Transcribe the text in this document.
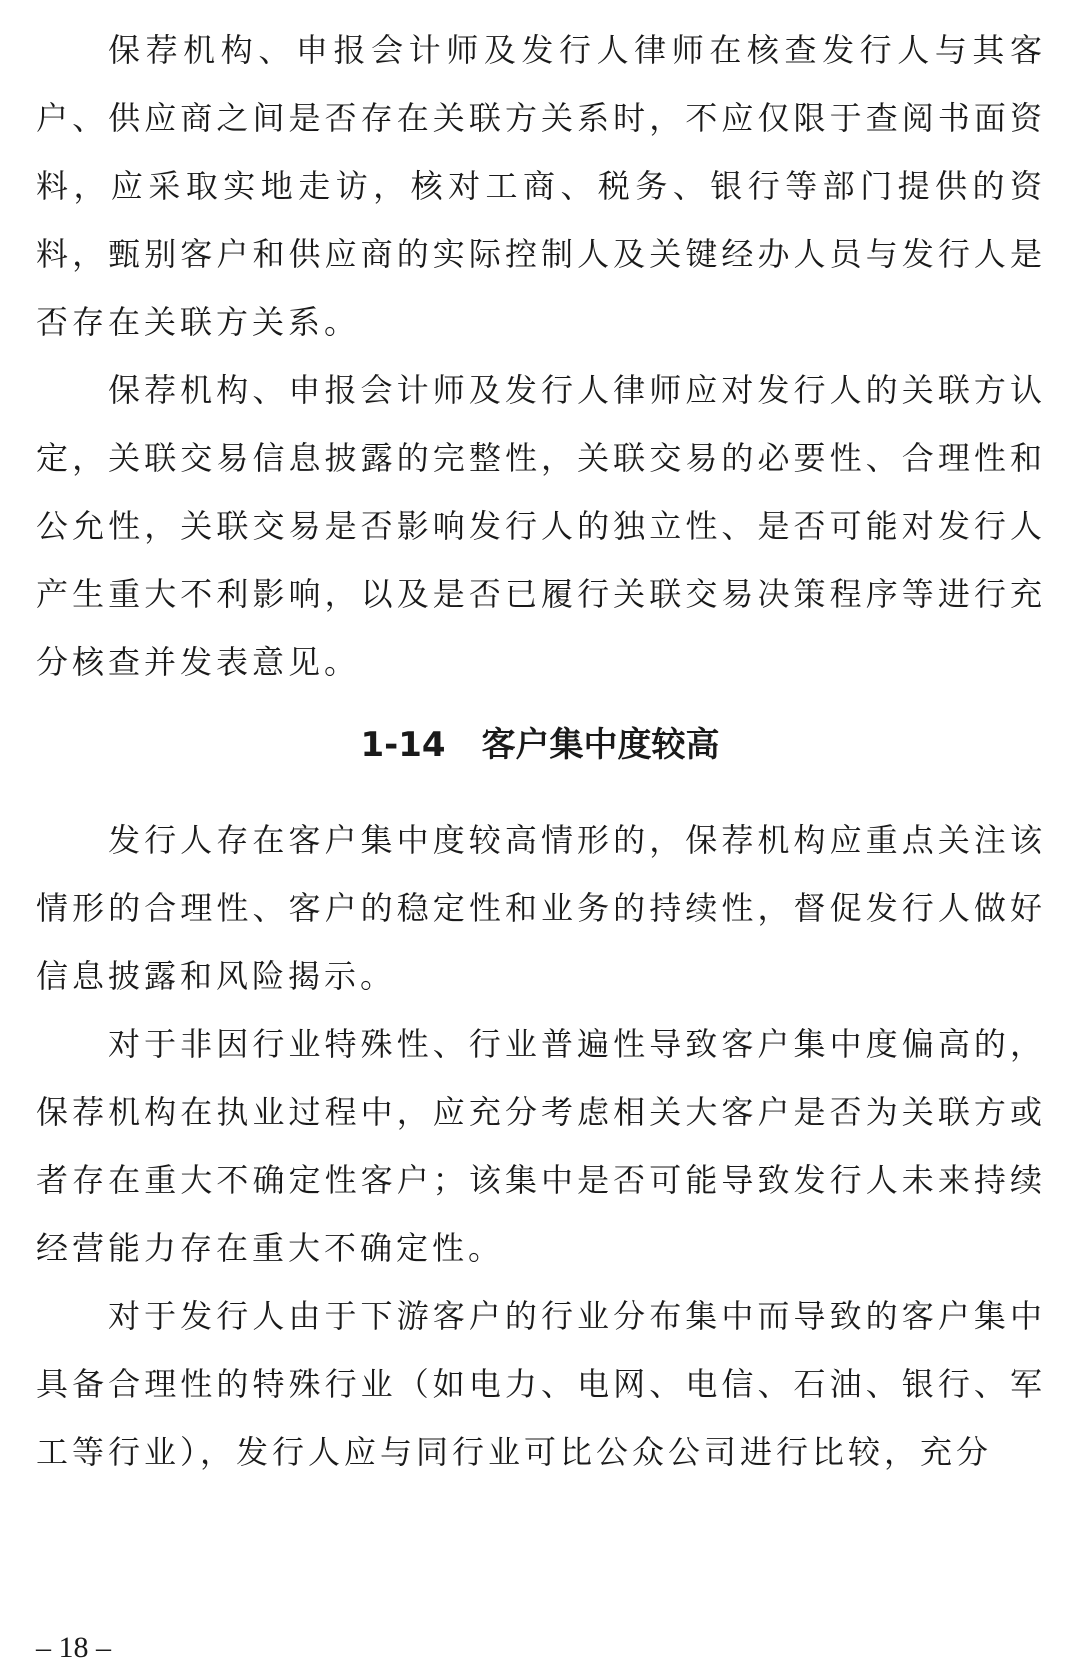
保荐机构、申报会计师及发行人律师在核查发行人与其客户、供应商之间是否存在关联方关系时，不应仅限于查阅书面资料，应采取实地走访，核对工商、税务、银行等部门提供的资料，甄别客户和供应商的实际控制人及关键经办人员与发行人是否存在关联方关系。

保荐机构、申报会计师及发行人律师应对发行人的关联方认定，关联交易信息披露的完整性，关联交易的必要性、合理性和公允性，关联交易是否影响发行人的独立性、是否可能对发行人产生重大不利影响，以及是否已履行关联交易决策程序等进行充分核查并发表意见。

1-14 客户集中度较高

发行人存在客户集中度较高情形的，保荐机构应重点关注该情形的合理性、客户的稳定性和业务的持续性，督促发行人做好信息披露和风险揭示。

对于非因行业特殊性、行业普遍性导致客户集中度偏高的，保荐机构在执业过程中，应充分考虑相关大客户是否为关联方或者存在重大不确定性客户；该集中是否可能导致发行人未来持续经营能力存在重大不确定性。

对于发行人由于下游客户的行业分布集中而导致的客户集中具备合理性的特殊行业（如电力、电网、电信、石油、银行、军工等行业），发行人应与同行业可比公众公司进行比较，充分

– 18 –
